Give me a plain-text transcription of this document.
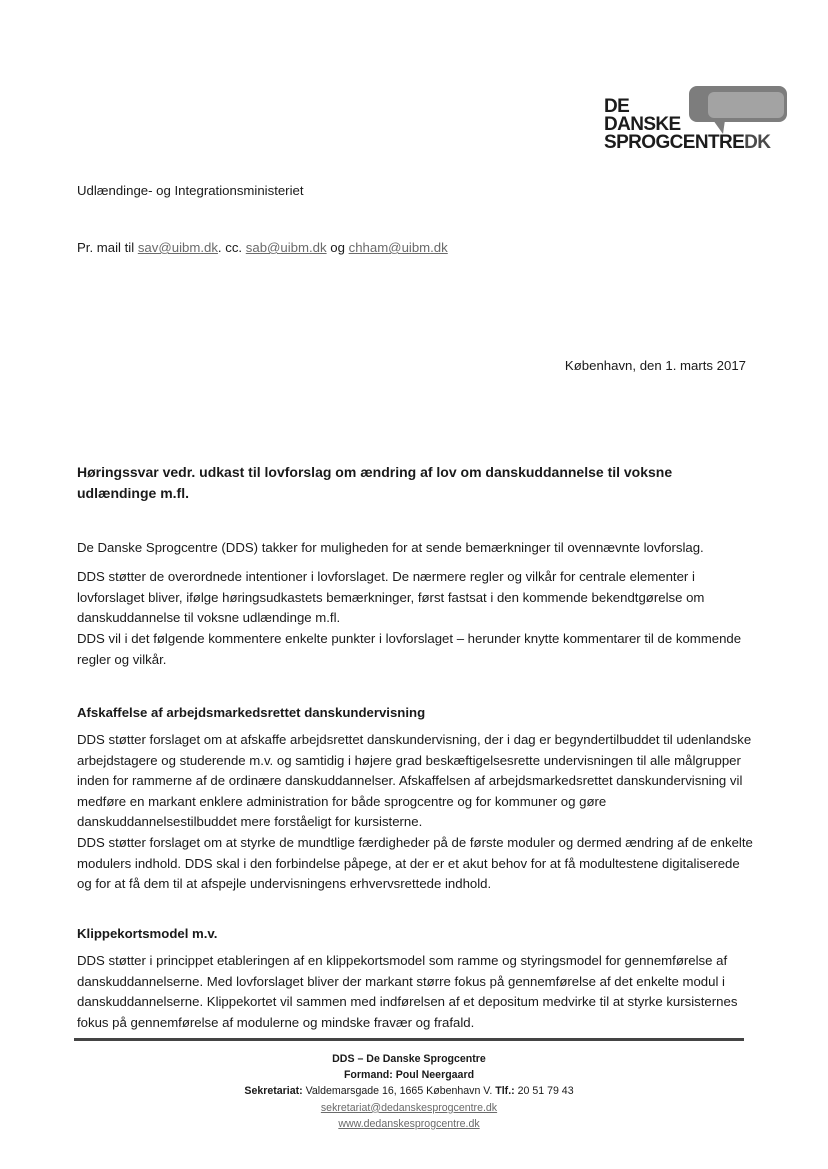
DE
DANSKE
SPROGCENTREDK

Udlændinge- og Integrationsministeriet

Pr. mail til sav@uibm.dk. cc. sab@uibm.dk og chham@uibm.dk

København, den 1. marts 2017

Høringssvar vedr. udkast til lovforslag om ændring af lov om danskuddannelse til voksne udlændinge m.fl.

De Danske Sprogcentre (DDS) takker for muligheden for at sende bemærkninger til ovennævnte lovforslag.

DDS støtter de overordnede intentioner i lovforslaget. De nærmere regler og vilkår for centrale elementer i lovforslaget bliver, ifølge høringsudkastets bemærkninger, først fastsat i den kommende bekendtgørelse om danskuddannelse til voksne udlændinge m.fl.

DDS vil i det følgende kommentere enkelte punkter i lovforslaget – herunder knytte kommentarer til de kommende regler og vilkår.

Afskaffelse af arbejdsmarkedsrettet danskundervisning

DDS støtter forslaget om at afskaffe arbejdsrettet danskundervisning, der i dag er begyndertilbuddet til udenlandske arbejdstagere og studerende m.v. og samtidig i højere grad beskæftigelsesrette undervisningen til alle målgrupper inden for rammerne af de ordinære danskuddannelser. Afskaffelsen af arbejdsmarkedsrettet danskundervisning vil medføre en markant enklere administration for både sprogcentre og for kommuner og gøre danskuddannelsestilbuddet mere forståeligt for kursisterne.

DDS støtter forslaget om at styrke de mundtlige færdigheder på de første moduler og dermed ændring af de enkelte modulers indhold. DDS skal i den forbindelse påpege, at der er et akut behov for at få modultestene digitaliserede og for at få dem til at afspejle undervisningens erhvervsrettede indhold.

Klippekortsmodel m.v.

DDS støtter i princippet etableringen af en klippekortsmodel som ramme og styringsmodel for gennemførelse af danskuddannelserne. Med lovforslaget bliver der markant større fokus på gennemførelse af det enkelte modul i danskuddannelserne. Klippekortet vil sammen med indførelsen af et depositum medvirke til at styrke kursisternes fokus på gennemførelse af modulerne og mindske fravær og frafald.

DDS – De Danske Sprogcentre
Formand: Poul Neergaard
Sekretariat: Valdemarsgade 16, 1665 København V. Tlf.: 20 51 79 43
sekretariat@dedanskesprogcentre.dk
www.dedanskesprogcentre.dk
